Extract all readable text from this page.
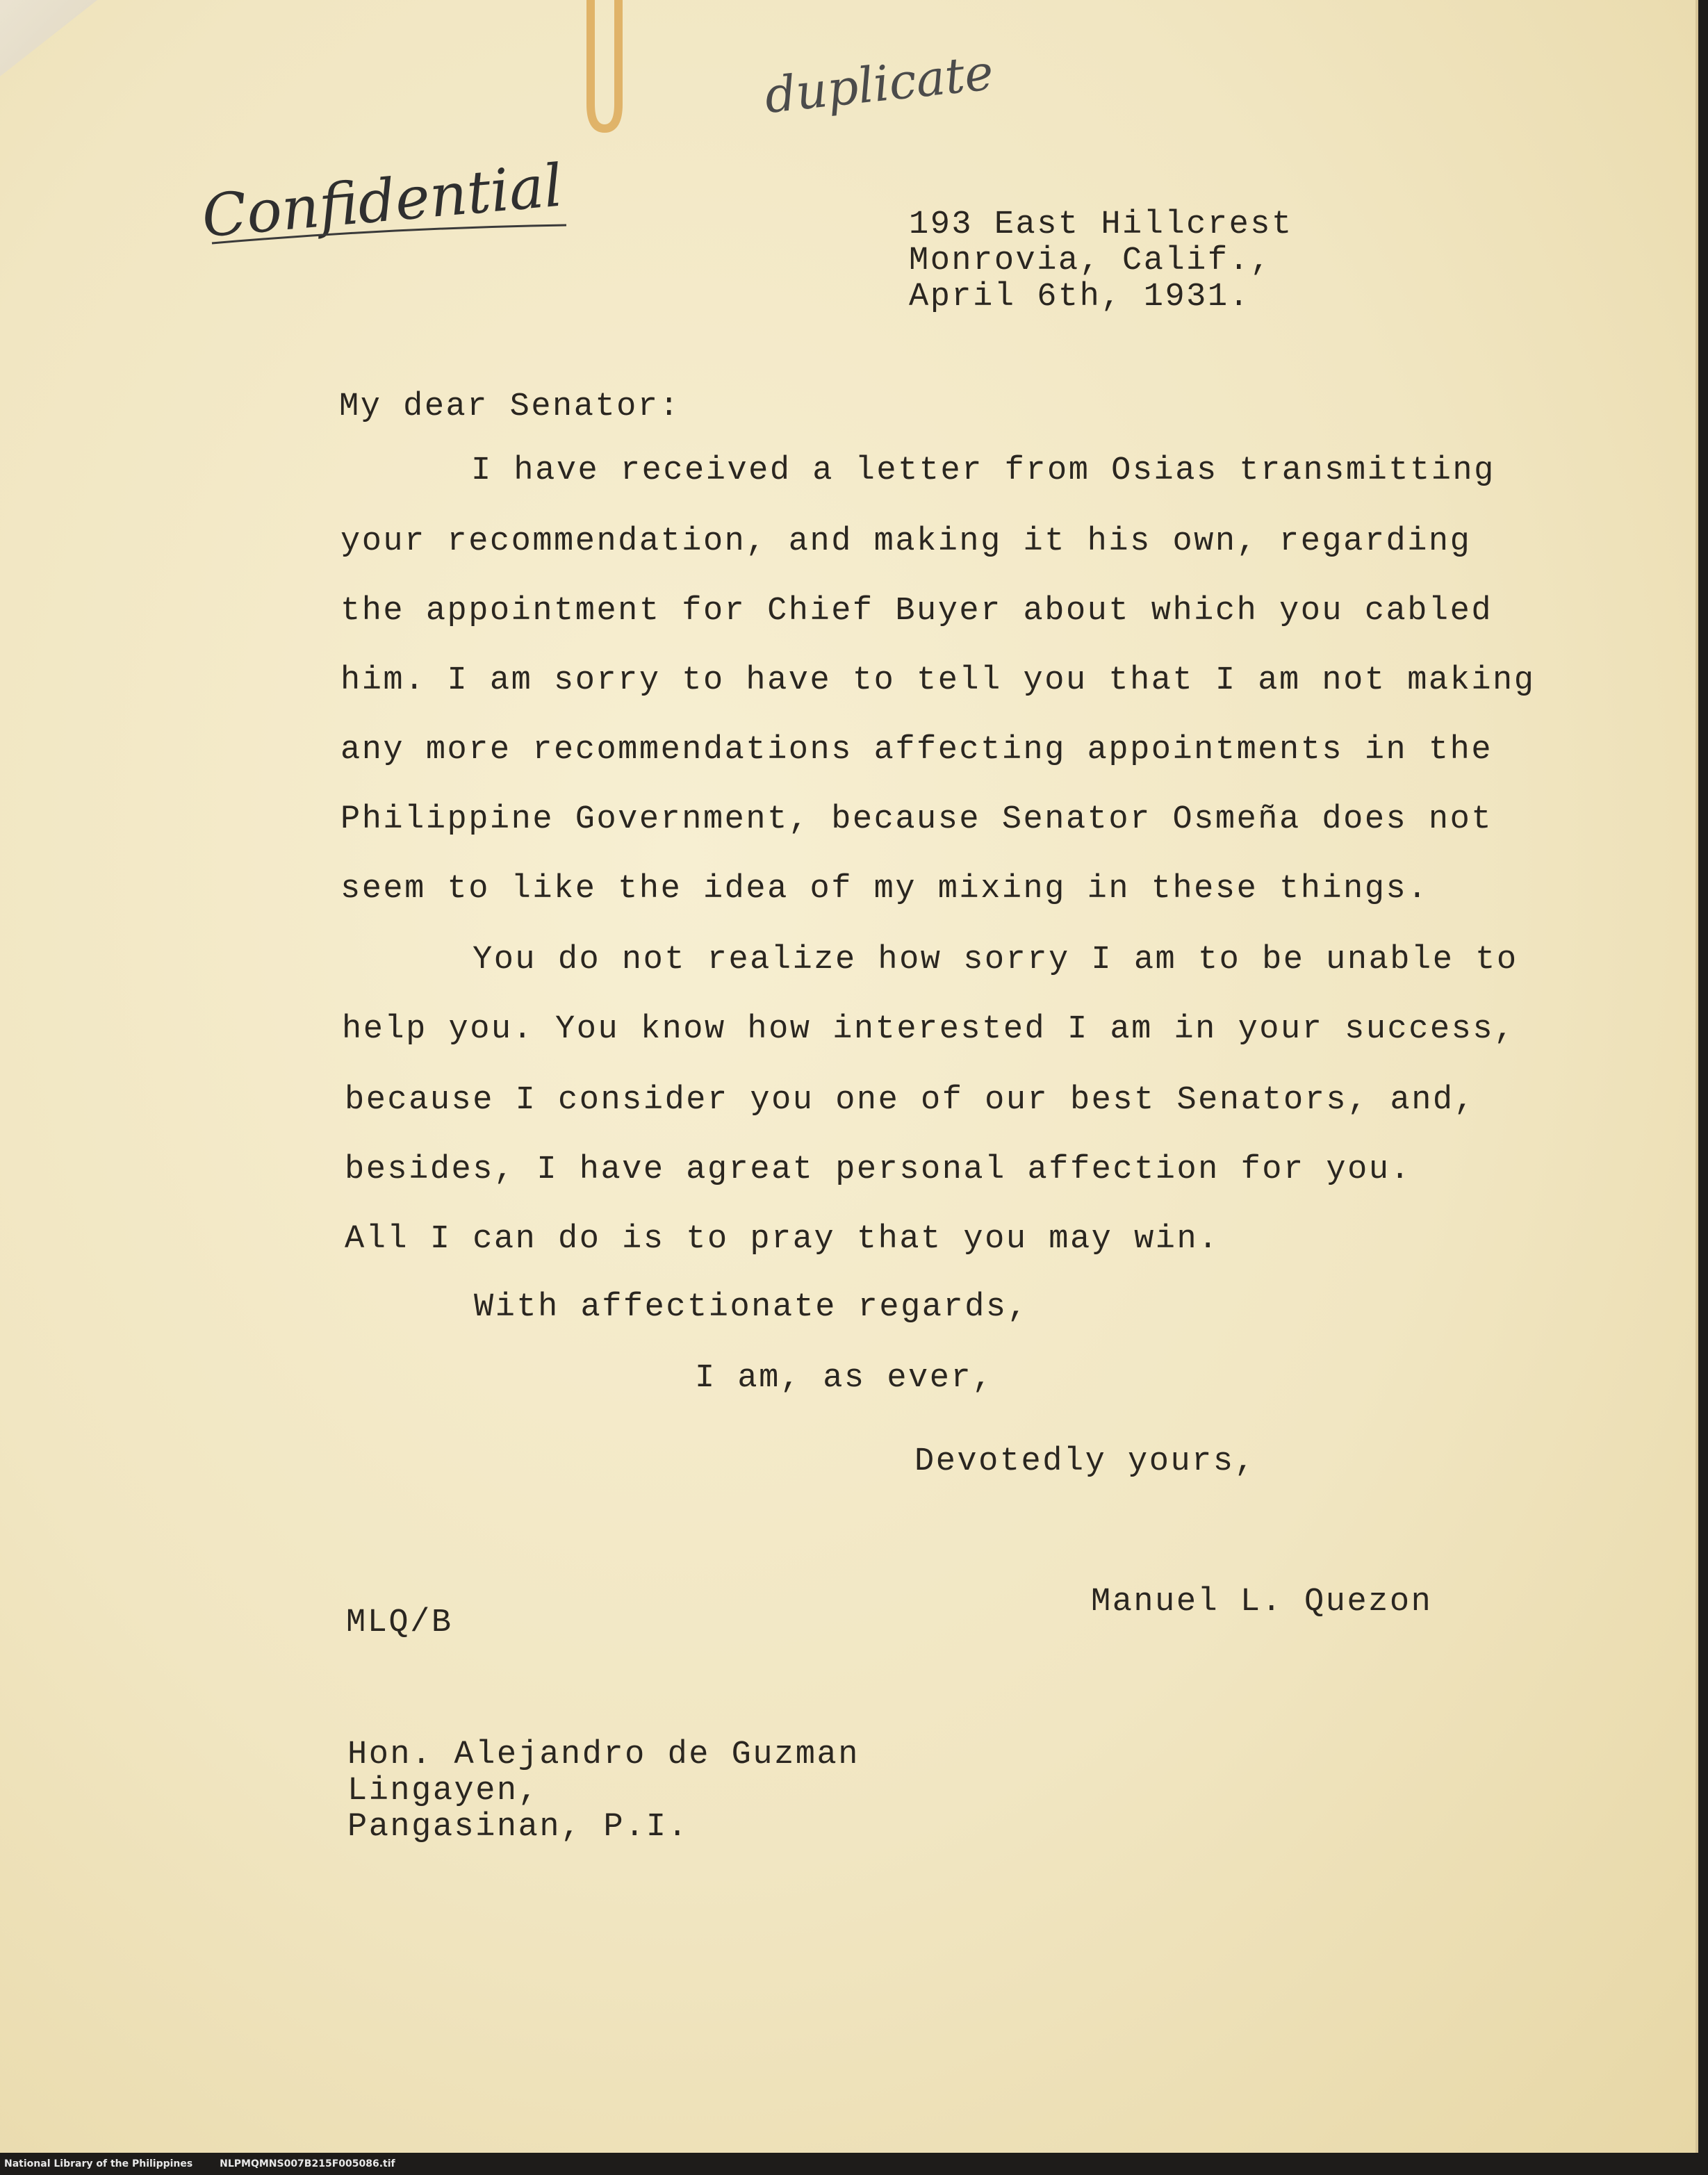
duplicate
Confidential	193 East Hillcrest
Monrovia, Calif.,
April 6th, 1931.
My dear Senator:
I have received a letter from Osias transmitting
your recommendation, and making it his own, regarding
the appointment for Chief Buyer about which you cabled
him. I am sorry to have to tell you that I am not making
any more recommendations affecting appointments in the
Philippine Government, because Senator Osmeña does not
seem to like the idea of my mixing in these things.
You do not realize how sorry I am to be unable to
help you. You know how interested I am in your success,
because I consider you one of our best Senators, and,
besides, I have agreat personal affection for you.
All I can do is to pray that you may win.
With affectionate regards,
I am, as ever,
Devotedly yours,
Manuel L. Quezon
MLQ/B
Hon. Alejandro de Guzman
Lingayen,
Pangasinan, P.I.
National Library of the Philippines	NLPMQMNS007B215F005086.tif
